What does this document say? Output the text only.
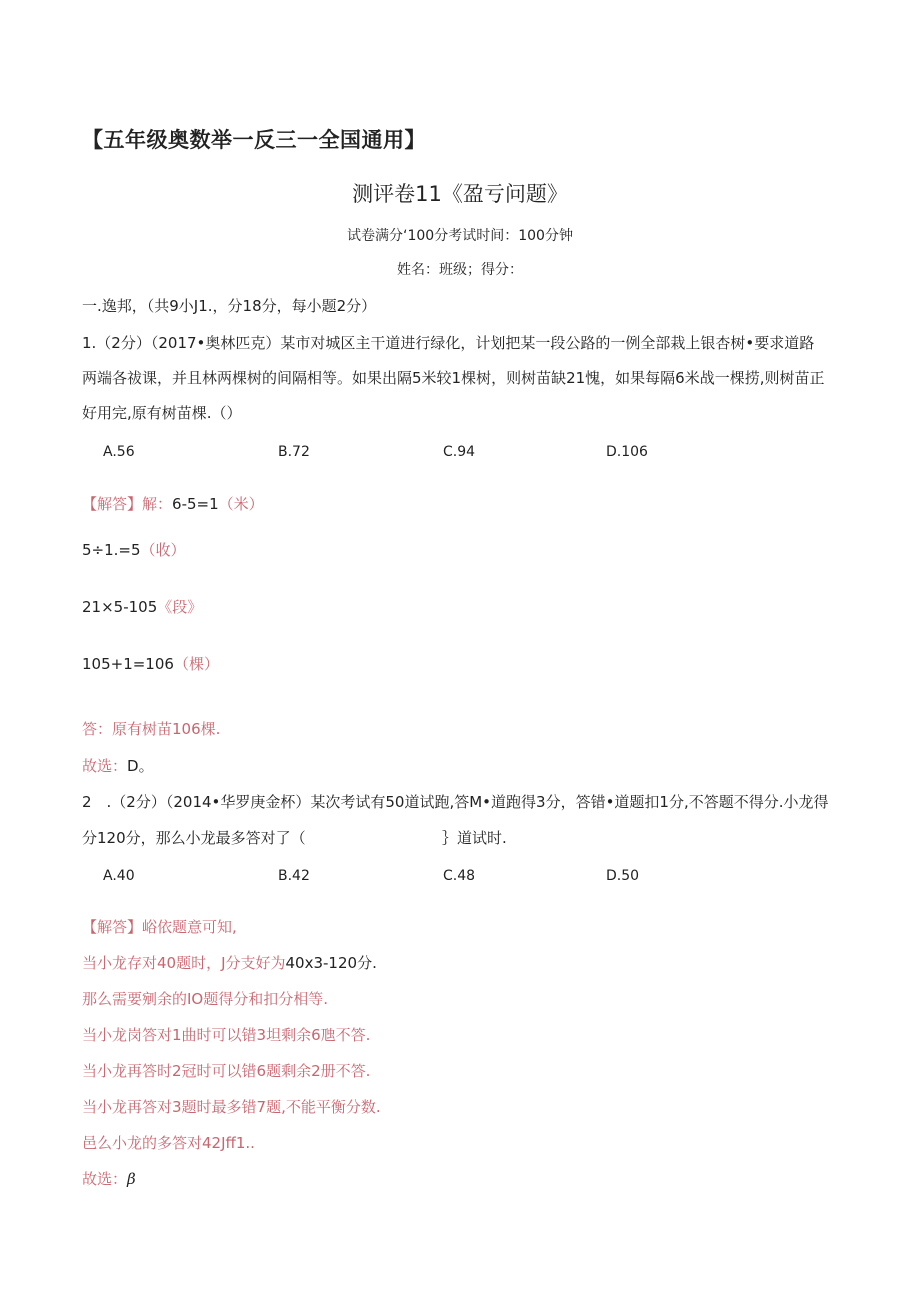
【五年级奥数举一反三一全国通用】
测评卷11《盈亏问题》
试卷满分‘100分考试时间：100分钟
姓名：班级；得分：
一.逸邦，（共9小J1.，分18分，每小题2分）
1.（2分）（2017•奥林匹克）某市对城区主干道进行绿化，计划把某一段公路的一例全部栽上银杏树•要求道路
两端各祓课，并且林两棵树的间隔相等。如果出隔5米较1棵树，则树苗缺21愧，如果每隔6米战一棵捞,则树苗正
好用完,原有树苗棵.（）
A.56	B.72	C.94	D.106
【解答】解：6-5=1（米）
5÷1.=5（收）
21×5-105《段》
105+1=106（棵）
答：原有树苗106棵.
故选：D。
2　.（2分）（2014•华罗庚金杯）某次考试有50道试跑,答M•道跑得3分，答错•道题扣1分,不答题不得分.小龙得
分120分，那么小龙最多答对了（	｝道试时.
A.40	B.42	C.48	D.50
【解答】峪依题意可知,
当小龙存对40题时，J分支好为40x3-120分.
那么需要剜余的IO题得分和扣分相等.
当小龙岗答对1曲时可以错3坦剩余6虺不答.
当小龙再答时2冠时可以错6题剩余2册不答.
当小龙再答对3题时最多错7题,不能平衡分数.
邑么小龙的多答对42Jff1..
故选：β
